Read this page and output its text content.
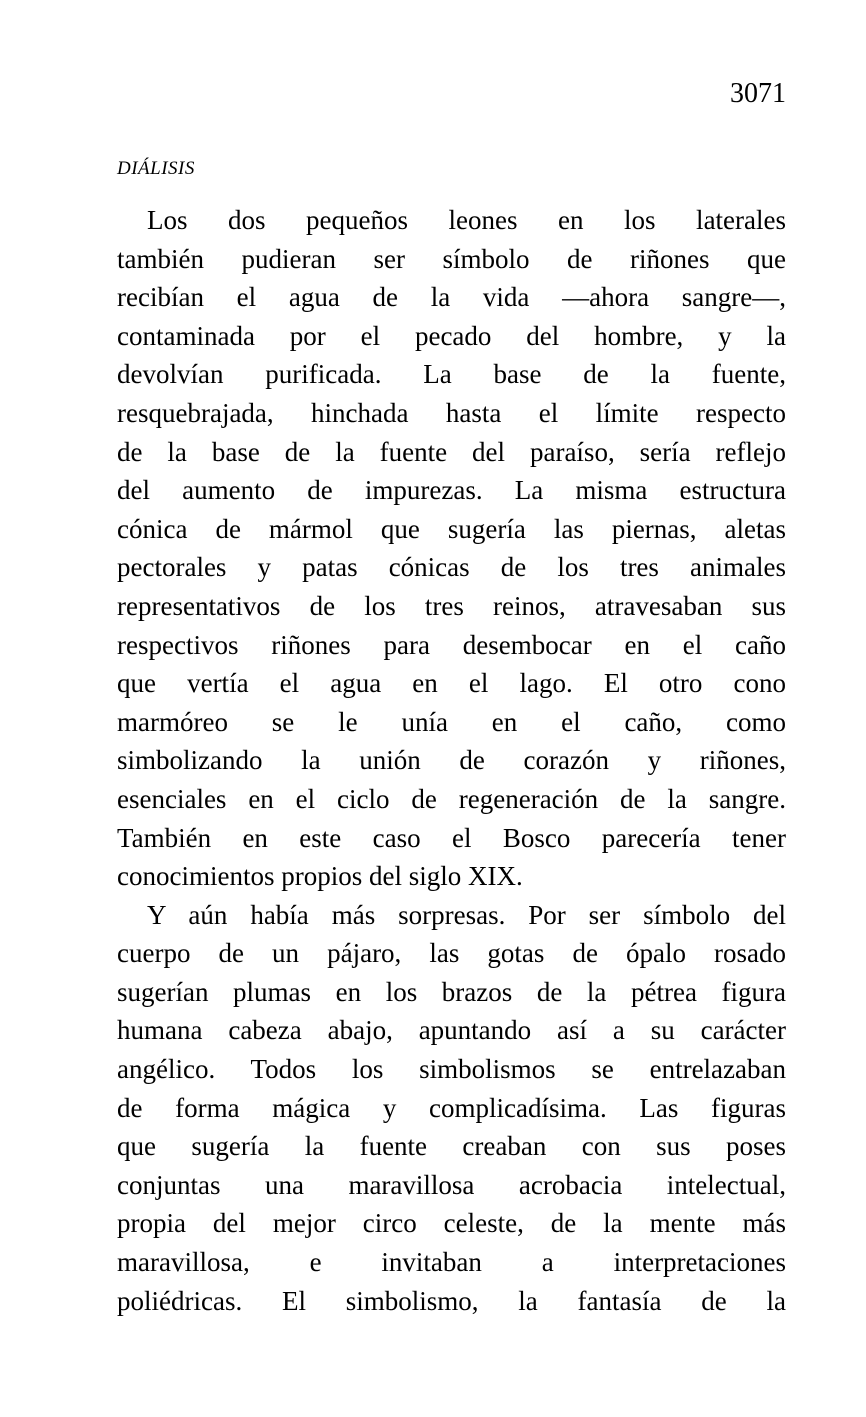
3071
DIÁLISIS

Los dos pequeños leones en los laterales
también pudieran ser símbolo de riñones que
recibían el agua de la vida —ahora sangre—,
contaminada por el pecado del hombre, y la
devolvían purificada. La base de la fuente,
resquebrajada, hinchada hasta el límite respecto
de la base de la fuente del paraíso, sería reflejo
del aumento de impurezas. La misma estructura
cónica de mármol que sugería las piernas, aletas
pectorales y patas cónicas de los tres animales
representativos de los tres reinos, atravesaban sus
respectivos riñones para desembocar en el caño
que vertía el agua en el lago. El otro cono
marmóreo se le unía en el caño, como
simbolizando la unión de corazón y riñones,
esenciales en el ciclo de regeneración de la sangre.
También en este caso el Bosco parecería tener
conocimientos propios del siglo XIX.

Y aún había más sorpresas. Por ser símbolo del
cuerpo de un pájaro, las gotas de ópalo rosado
sugerían plumas en los brazos de la pétrea figura
humana cabeza abajo, apuntando así a su carácter
angélico. Todos los simbolismos se entrelazaban
de forma mágica y complicadísima. Las figuras
que sugería la fuente creaban con sus poses
conjuntas una maravillosa acrobacia intelectual,
propia del mejor circo celeste, de la mente más
maravillosa, e invitaban a interpretaciones
poliédricas. El simbolismo, la fantasía de la
